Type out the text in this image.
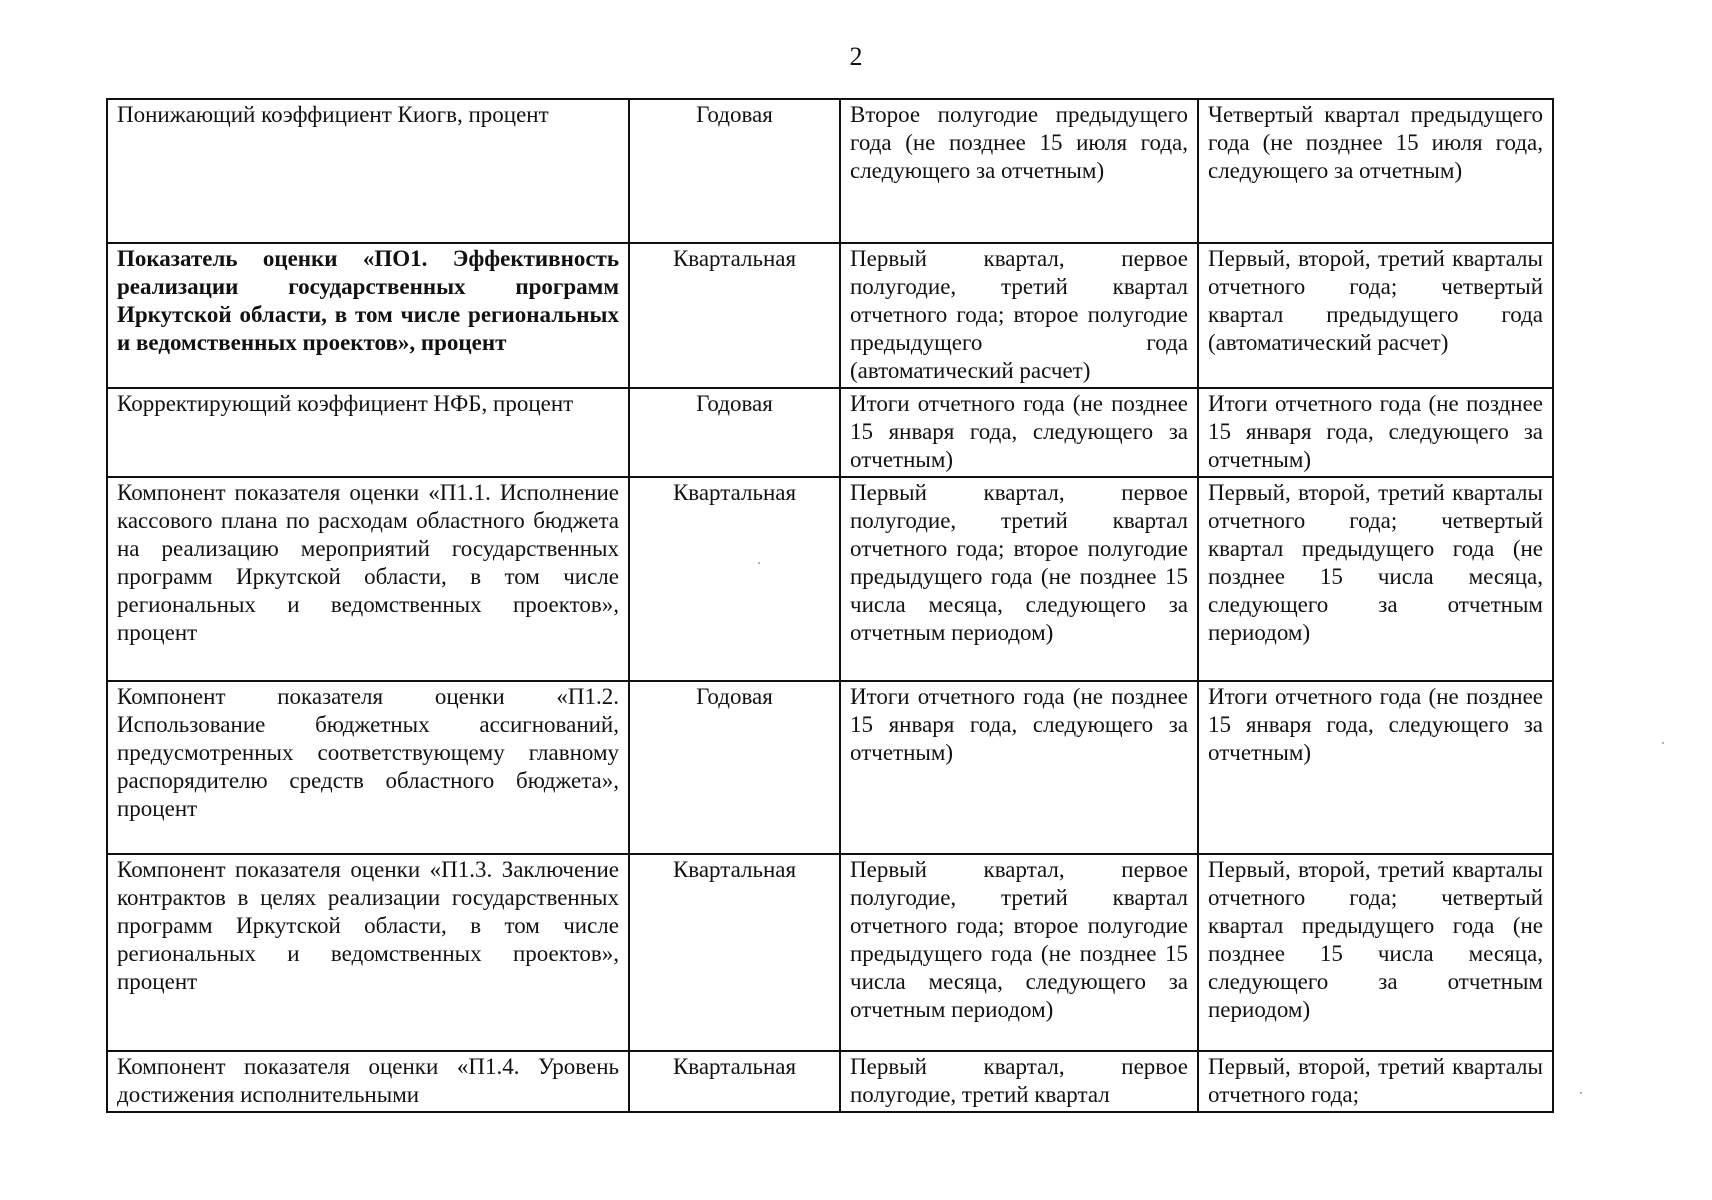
2
Понижающий коэффициент Киогв, процент	Годовая	Второе полугодие предыдущего года (не позднее 15 июля года, следующего за отчетным)	Четвертый квартал предыдущего года (не позднее 15 июля года, следующего за отчетным)
Показатель оценки «ПО1. Эффективность реализации государственных программ Иркутской области, в том числе региональных и ведомственных проектов», процент	Квартальная	Первый квартал, первое полугодие, третий квартал отчетного года; второе полугодие предыдущего года (автоматический расчет)	Первый, второй, третий кварталы отчетного года; четвертый квартал предыдущего года (автоматический расчет)
Корректирующий коэффициент НФБ, процент	Годовая	Итоги отчетного года (не позднее 15 января года, следующего за отчетным)	Итоги отчетного года (не позднее 15 января года, следующего за отчетным)
Компонент показателя оценки «П1.1. Исполнение кассового плана по расходам областного бюджета на реализацию мероприятий государственных программ Иркутской области, в том числе региональных и ведомственных проектов», процент	Квартальная	Первый квартал, первое полугодие, третий квартал отчетного года; второе полугодие предыдущего года (не позднее 15 числа месяца, следующего за отчетным периодом)	Первый, второй, третий кварталы отчетного года; четвертый квартал предыдущего года (не позднее 15 числа месяца, следующего за отчетным периодом)
Компонент показателя оценки «П1.2. Использование бюджетных ассигнований, предусмотренных соответствующему главному распорядителю средств областного бюджета», процент	Годовая	Итоги отчетного года (не позднее 15 января года, следующего за отчетным)	Итоги отчетного года (не позднее 15 января года, следующего за отчетным)
Компонент показателя оценки «П1.3. Заключение контрактов в целях реализации государственных программ Иркутской области, в том числе региональных и ведомственных проектов», процент	Квартальная	Первый квартал, первое полугодие, третий квартал отчетного года; второе полугодие предыдущего года (не позднее 15 числа месяца, следующего за отчетным периодом)	Первый, второй, третий кварталы отчетного года; четвертый квартал предыдущего года (не позднее 15 числа месяца, следующего за отчетным периодом)

Компонент показателя оценки «П1.4. Уровень достижения исполнительными	Квартальная	Первый квартал, первое полугодие, третий квартал	Первый, второй, третий кварталы отчетного года;
